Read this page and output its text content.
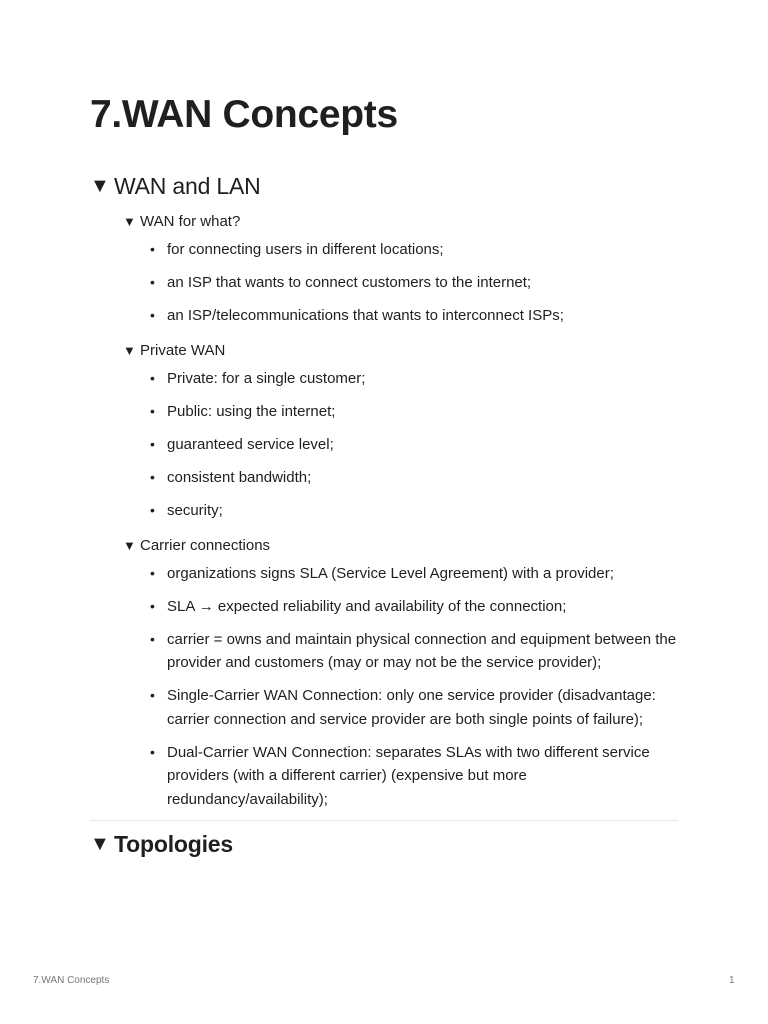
7.WAN Concepts
▼ WAN and LAN
▼ WAN for what?
• for connecting users in different locations;
• an ISP that wants to connect customers to the internet;
• an ISP/telecommunications that wants to interconnect ISPs;
▼ Private WAN
• Private: for a single customer;
• Public: using the internet;
• guaranteed service level;
• consistent bandwidth;
• security;
▼ Carrier connections
• organizations signs SLA (Service Level Agreement) with a provider;
• SLA → expected reliability and availability of the connection;
• carrier = owns and maintain physical connection and equipment between the provider and customers (may or may not be the service provider);
• Single-Carrier WAN Connection: only one service provider (disadvantage: carrier connection and service provider are both single points of failure);
• Dual-Carrier WAN Connection: separates SLAs with two different service providers (with a different carrier) (expensive but more redundancy/availability);
▼ Topologies
7.WAN Concepts	1
